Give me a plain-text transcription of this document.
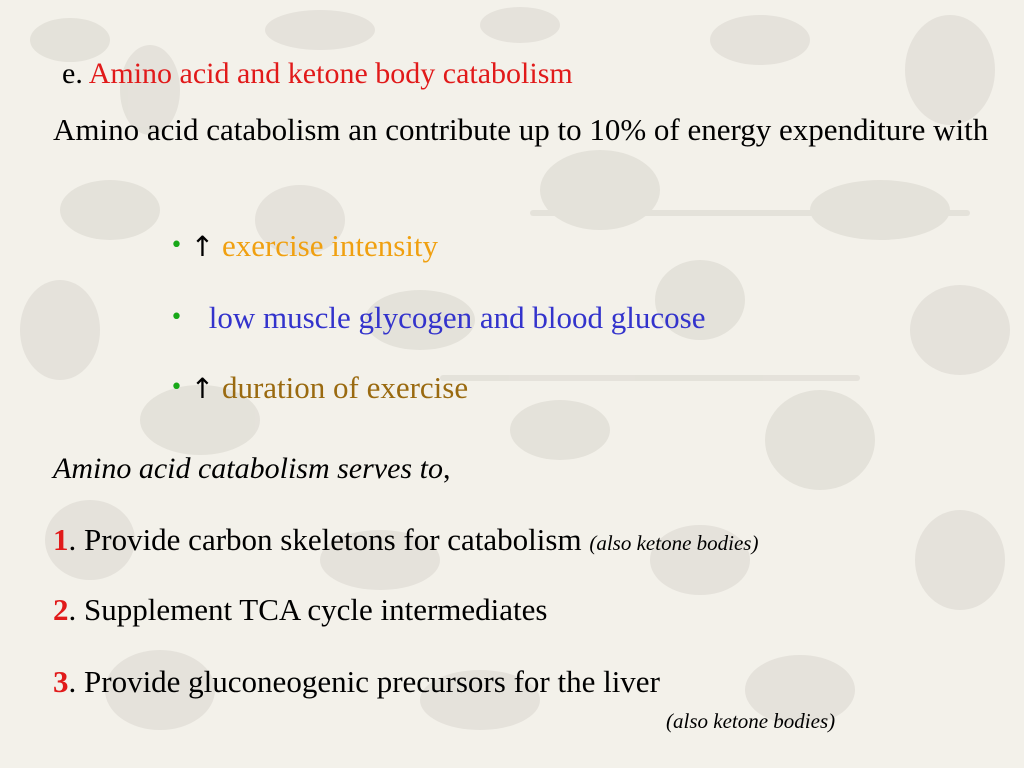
e. Amino acid and ketone body catabolism
Amino acid catabolism an contribute up to 10% of energy expenditure with
• ↑ exercise intensity
• low muscle glycogen and blood glucose
• ↑ duration of exercise
Amino acid catabolism serves to,
1. Provide carbon skeletons for catabolism (also ketone bodies)
2. Supplement TCA cycle intermediates
3. Provide gluconeogenic precursors for the liver
(also ketone bodies)
